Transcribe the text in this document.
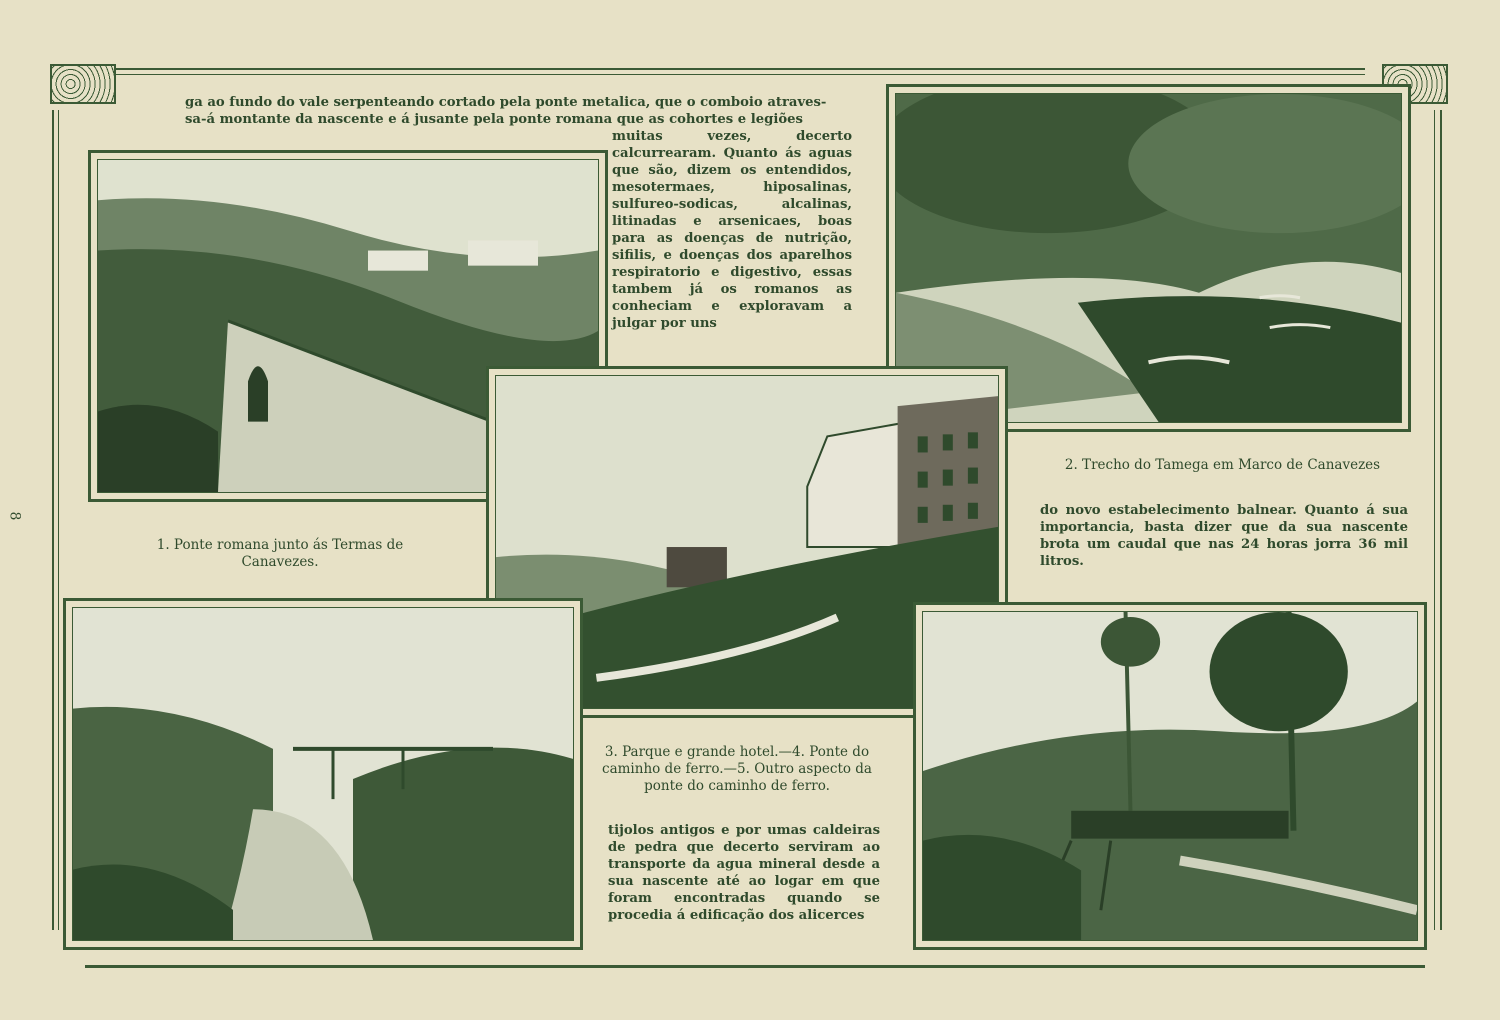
8
ga ao fundo do vale serpenteando cortado pela ponte metalica, que o comboio atraves-
sa-á montante da nascente e á jusante pela ponte romana que as cohortes e legiões
muitas vezes, decerto calcurrearam. Quanto ás aguas que são, dizem os entendidos, mesotermaes, hiposalinas, sulfureo-sodicas, alcalinas, litinadas e arsenicaes, boas para as doenças de nutrição, sifilis, e doenças dos aparelhos respiratorio e digestivo, essas tambem já os romanos as conheciam e exploravam a julgar por uns
1. Ponte romana junto ás Termas de Canavezes.
2. Trecho do Tamega em Marco de Canavezes
do novo estabelecimento balnear. Quanto á sua importancia, basta dizer que da sua nascente brota um caudal que nas 24 horas jorra 36 mil litros.
3. Parque e grande hotel.—4. Ponte do caminho de ferro.—5. Outro aspecto da ponte do caminho de ferro.
tijolos antigos e por umas caldeiras de pedra que decerto serviram ao transporte da agua mineral desde a sua nascente até ao logar em que foram encontradas quando se procedia á edificação dos alicerces
